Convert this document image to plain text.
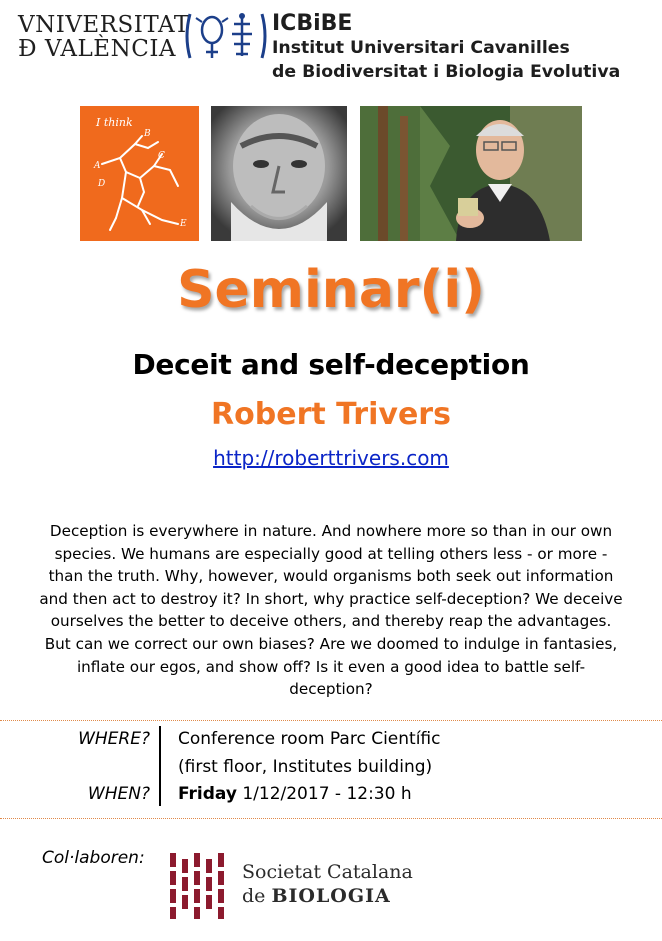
VNIVERSITAT
Ð VALÈNCIA
ICBiBE
Institut Universitari Cavanilles
de Biodiversitat i Biologia Evolutiva
I think
A
B
C
D
E
Seminar(i)
Deceit and self-deception
Robert Trivers
http://roberttrivers.com
Deception is everywhere in nature. And nowhere more so than in our own species. We humans are especially good at telling others less - or more - than the truth. Why, however, would organisms both seek out information and then act to destroy it? In short, why practice self-deception? We deceive ourselves the better to deceive others, and thereby reap the advantages. But can we correct our own biases? Are we doomed to indulge in fantasies, inflate our egos, and show off? Is it even a good idea to battle self-deception?
WHERE?
WHEN?
Conference room Parc Científic
(first floor, Institutes building)
Friday 1/12/2017 - 12:30 h
Col·laboren:
Societat Catalana
de BIOLOGIA
